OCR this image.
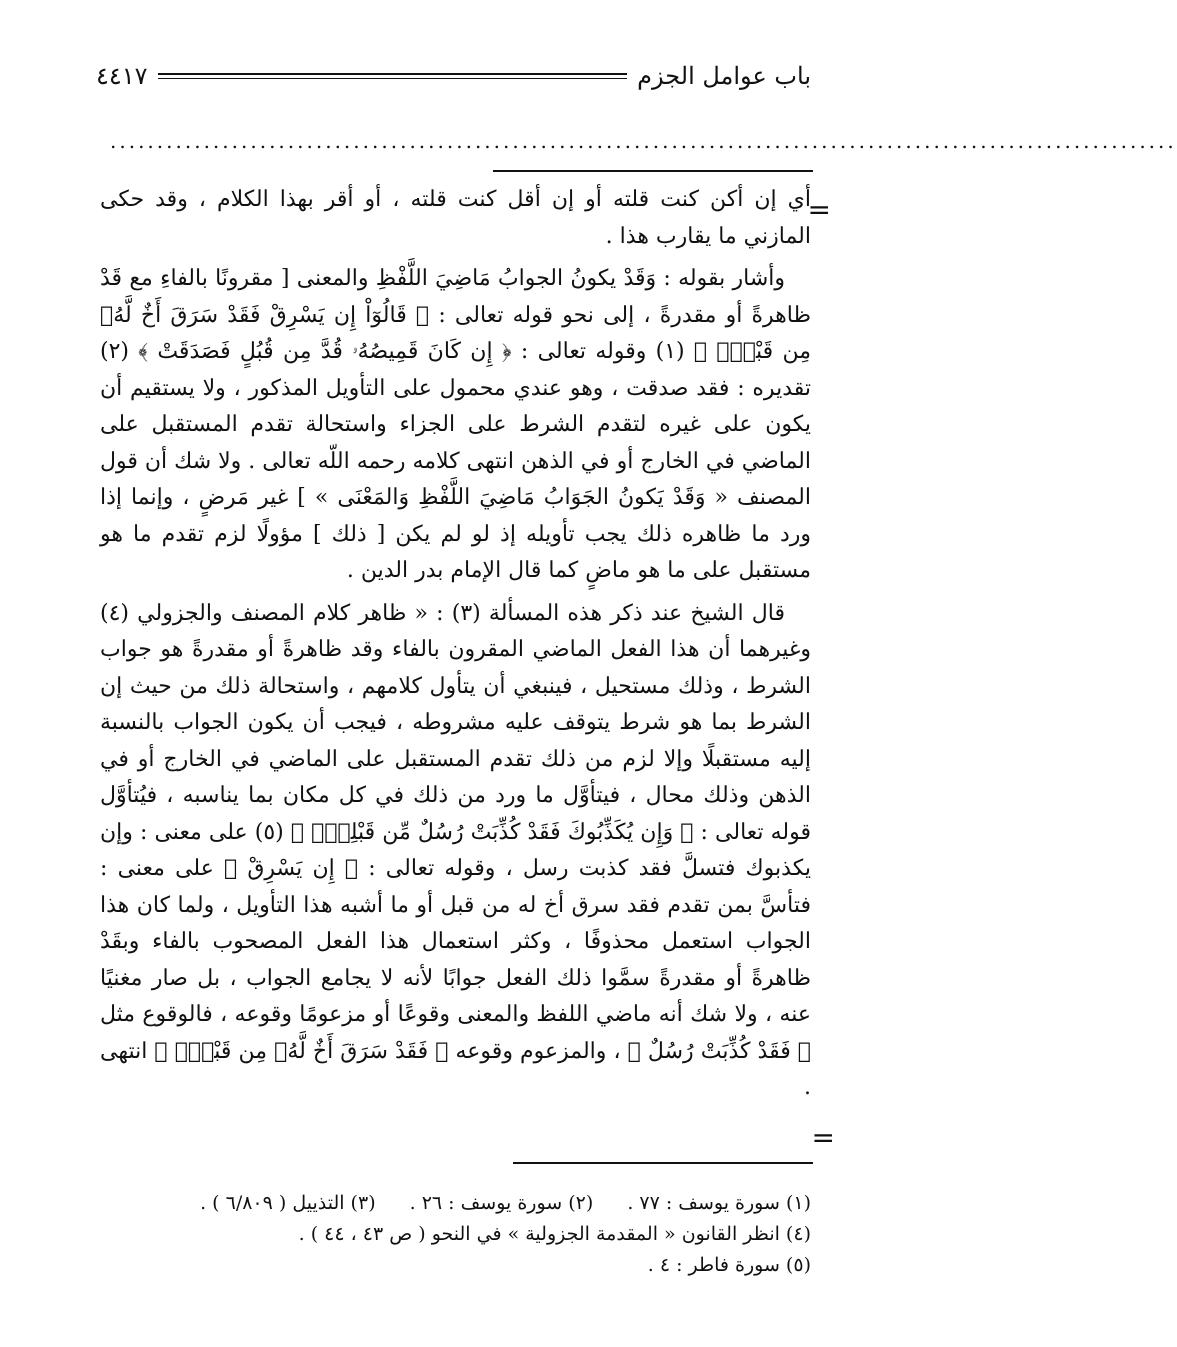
باب عوامل الجزم
٤٤١٧
..................................................................................................................
=
=

أي إن أكن كنت قلته أو إن أقل كنت قلته ، أو أقر بهذا الكلام ، وقد حكى المازني ما يقارب هذا .

وأشار بقوله : وَقَدْ يكونُ الجوابُ مَاضِيَ اللَّفْظِ والمعنى [ مقرونًا بالفاءِ مع قَدْ ظاهرةً أو مقدرةً ، إلى نحو قوله تعالى : ﴿ قَالُوٓاْ إِن يَسْرِقْ فَقَدْ سَرَقَ أَخٌ لَّهُۥ مِن قَبْلُۚ ﴾ (١) وقوله تعالى : ﴿ إِن كَانَ قَمِيصُهُۥ قُدَّ مِن قُبُلٍ فَصَدَقَتْ ﴾ (٢) تقديره : فقد صدقت ، وهو عندي محمول على التأويل المذكور ، ولا يستقيم أن يكون على غيره لتقدم الشرط على الجزاء واستحالة تقدم المستقبل على الماضي في الخارج أو في الذهن انتهى كلامه رحمه اللّه تعالى . ولا شك أن قول المصنف « وَقَدْ يَكونُ الجَوَابُ مَاضِيَ اللَّفْظِ وَالمَعْنَى » ] غير مَرضٍ ، وإنما إذا ورد ما ظاهره ذلك يجب تأويله إذ لو لم يكن [ ذلك ] مؤولًا لزم تقدم ما هو مستقبل على ما هو ماضٍ كما قال الإمام بدر الدين .

قال الشيخ عند ذكر هذه المسألة (٣) : « ظاهر كلام المصنف والجزولي (٤) وغيرهما أن هذا الفعل الماضي المقرون بالفاء وقد ظاهرةً أو مقدرةً هو جواب الشرط ، وذلك مستحيل ، فينبغي أن يتأول كلامهم ، واستحالة ذلك من حيث إن الشرط بما هو شرط يتوقف عليه مشروطه ، فيجب أن يكون الجواب بالنسبة إليه مستقبلًا وإلا لزم من ذلك تقدم المستقبل على الماضي في الخارج أو في الذهن وذلك محال ، فيتأوَّل ما ورد من ذلك في كل مكان بما يناسبه ، فيُتأوَّل قوله تعالى : ﴿ وَإِن يُكَذِّبُوكَ فَقَدْ كُذِّبَتْ رُسُلٌ مِّن قَبْلِكَۚ ﴾ (٥) على معنى : وإن يكذبوك فتسلَّ فقد كذبت رسل ، وقوله تعالى : ﴿ إِن يَسْرِقْ ﴾ على معنى : فتأسَّ بمن تقدم فقد سرق أخ له من قبل أو ما أشبه هذا التأويل ، ولما كان هذا الجواب استعمل محذوفًا ، وكثر استعمال هذا الفعل المصحوب بالفاء وبقَدْ ظاهرةً أو مقدرةً سمَّوا ذلك الفعل جوابًا لأنه لا يجامع الجواب ، بل صار مغنيًا عنه ، ولا شك أنه ماضي اللفظ والمعنى وقوعًا أو مزعومًا وقوعه ، فالوقوع مثل ﴿ فَقَدْ كُذِّبَتْ رُسُلٌ ﴾ ، والمزعوم وقوعه ﴿ فَقَدْ سَرَقَ أَخٌ لَّهُۥ مِن قَبْلُۚ ﴾ انتهى .

(١) سورة يوسف : ٧٧ .
(٢) سورة يوسف : ٢٦ .
(٣) التذييل ( ٦/٨٠٩ ) .
(٤) انظر القانون « المقدمة الجزولية » في النحو ( ص ٤٣ ، ٤٤ ) .
(٥) سورة فاطر : ٤ .
